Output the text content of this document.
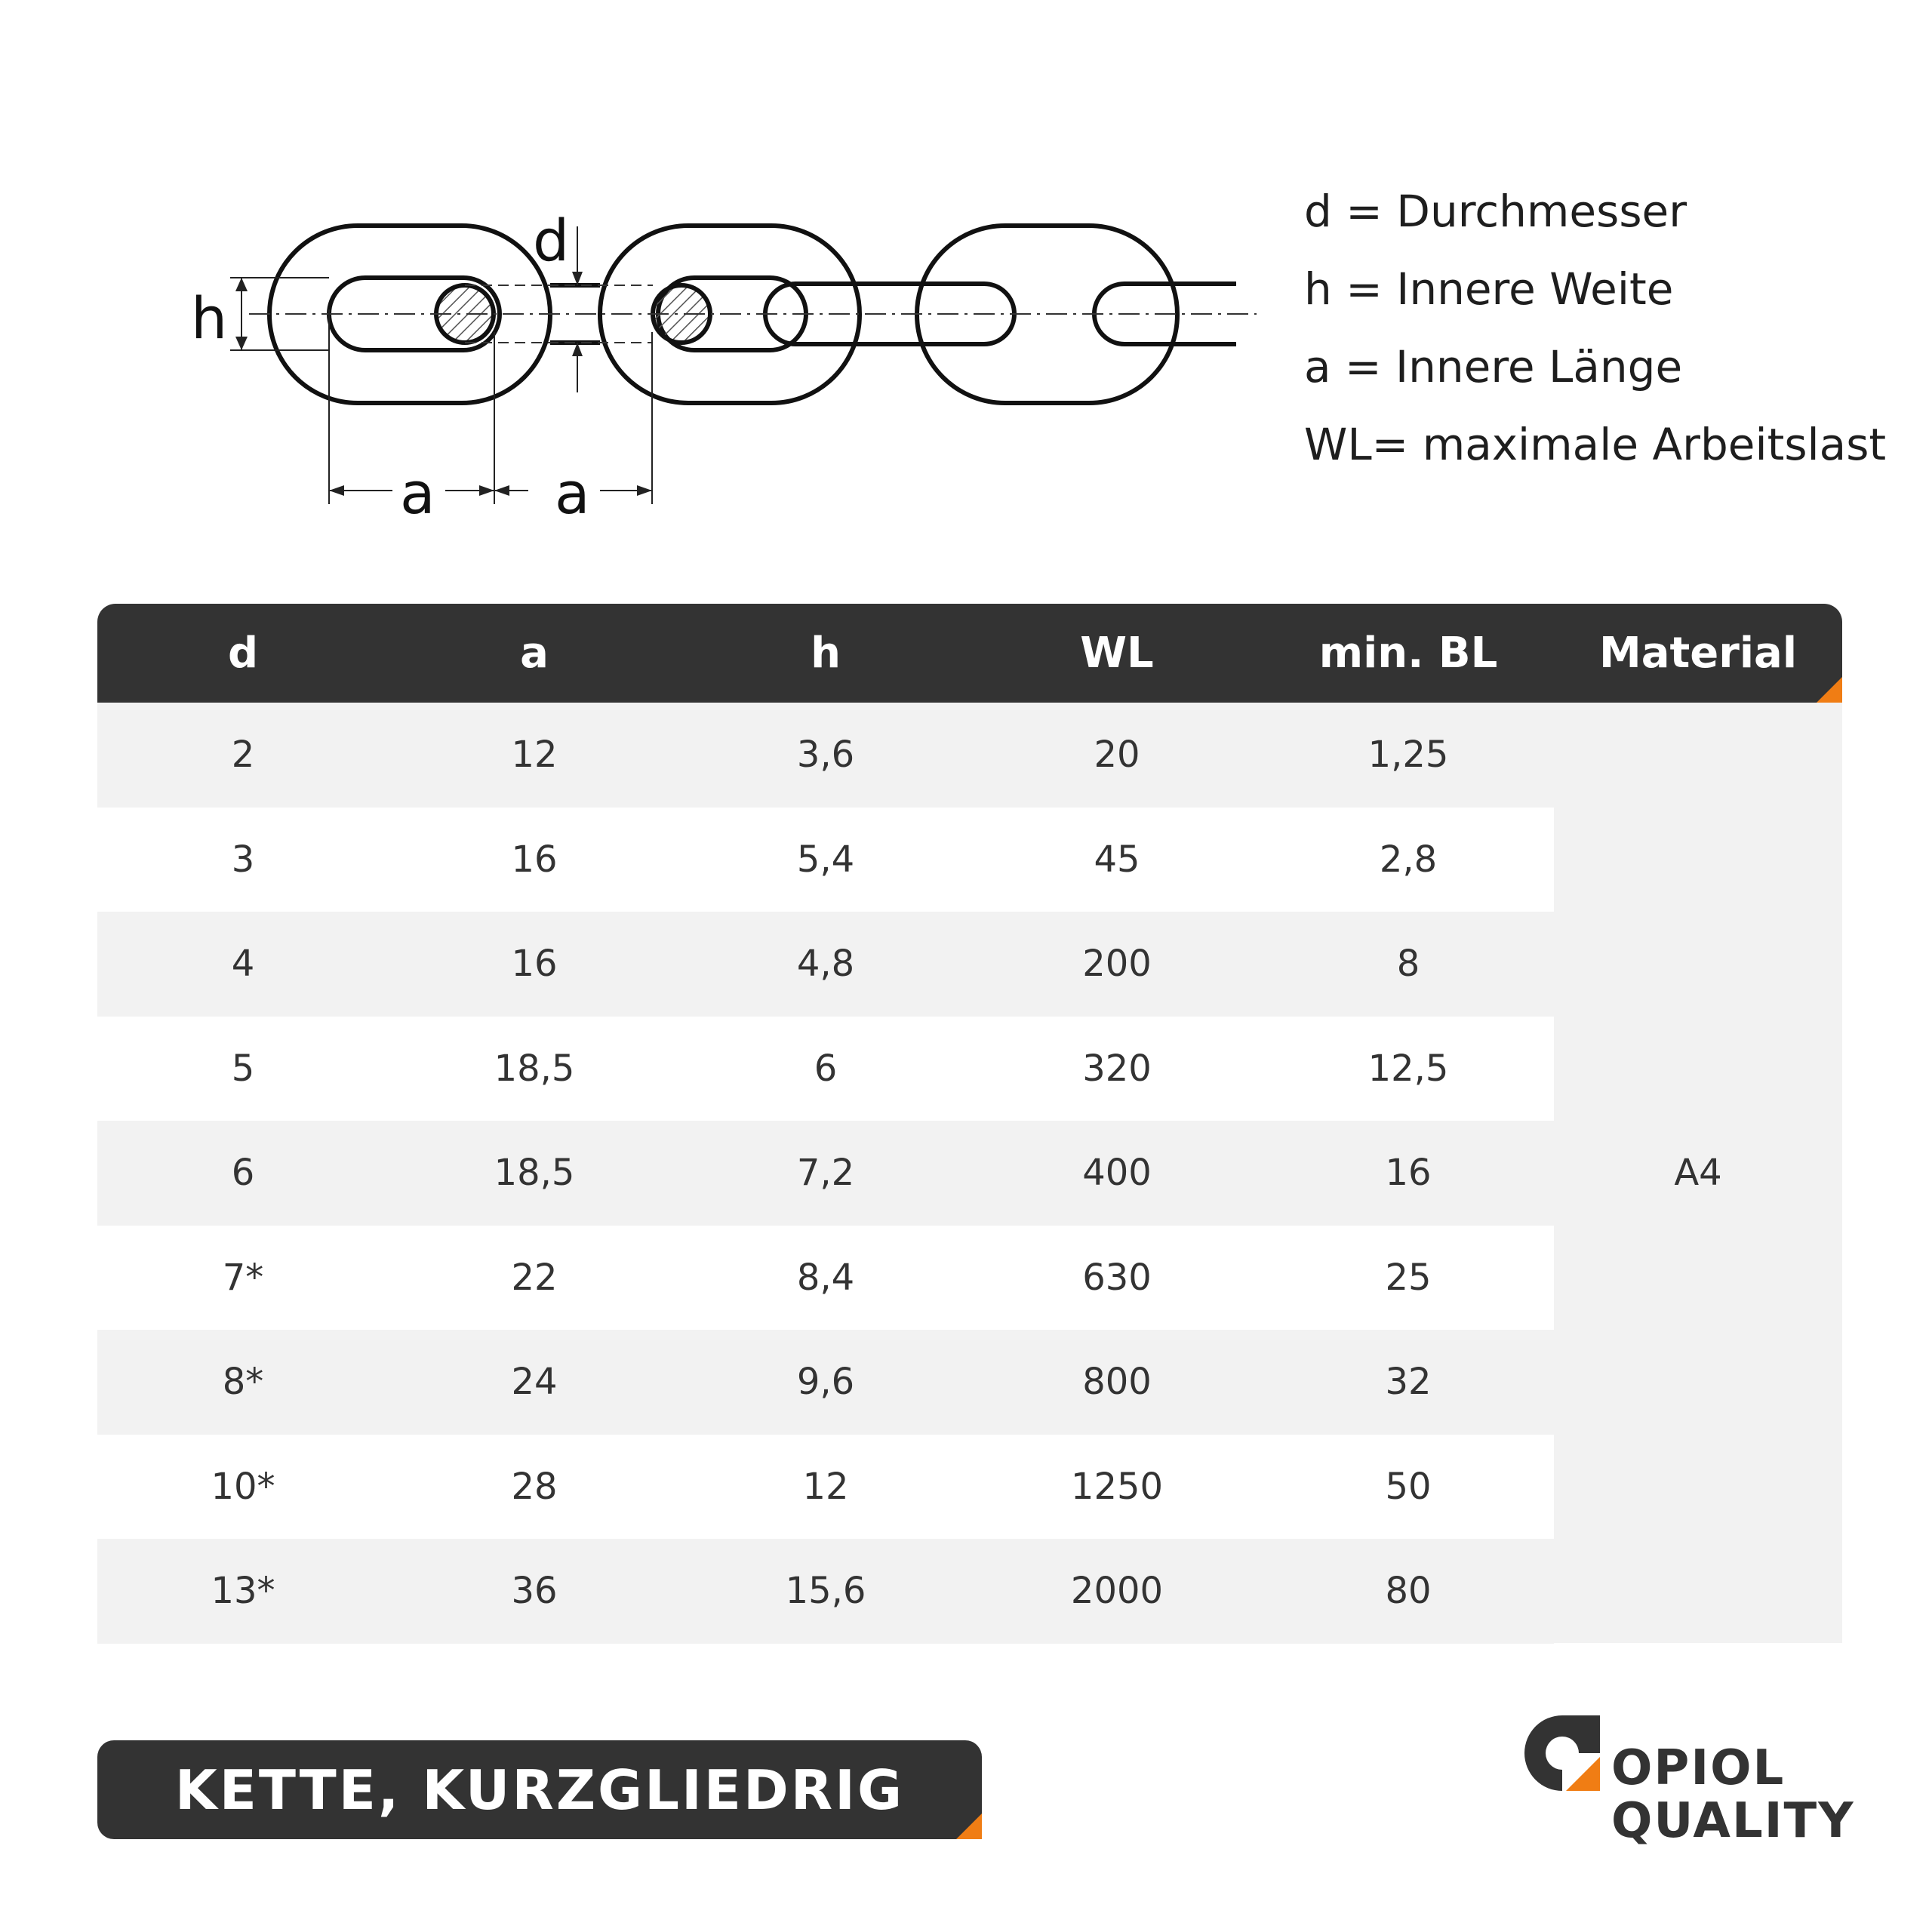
h
d
a a
d = Durchmesser
h = Innere Weite
a = Innere Länge
WL= maximale Arbeitslast
d	a	h	WL	min. BL	Material
2	12	3,6	20	1,25
3	16	5,4	45	2,8
4	16	4,8	200	8
5	18,5	6	320	12,5
6	18,5	7,2	400	16
7*	22	8,4	630	25
8*	24	9,6	800	32
10*	28	12	1250	50
13*	36	15,6	2000	80
A4
KETTE, KURZGLIEDRIG	OPIOL
QUALITY
